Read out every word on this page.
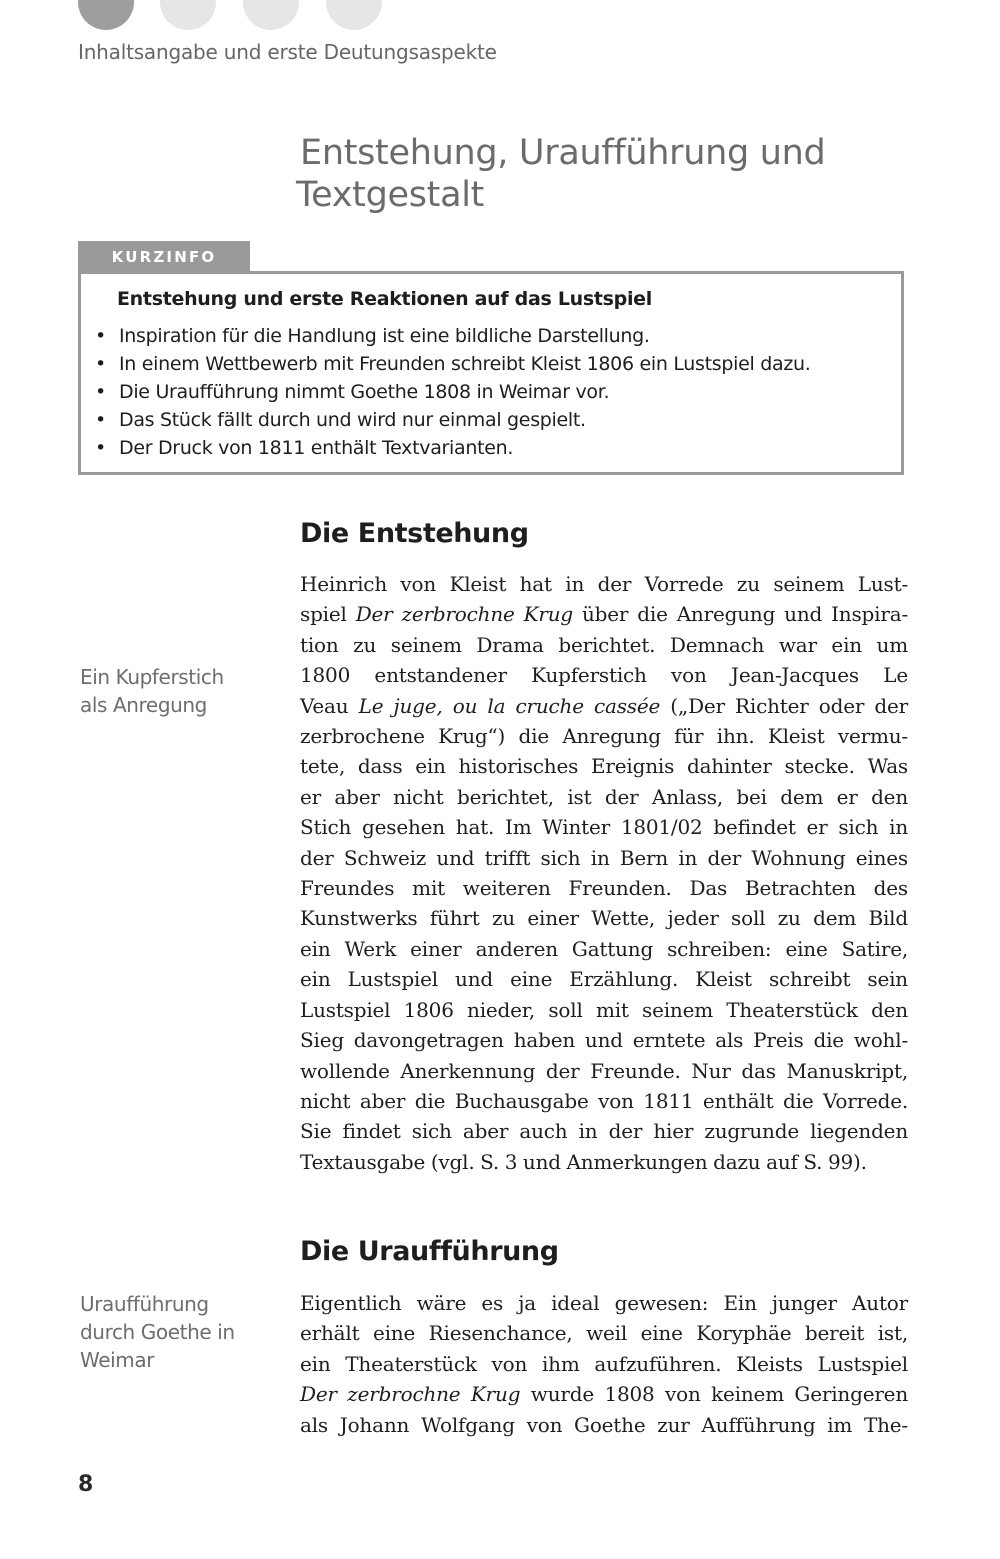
Inhaltsangabe und erste Deutungsaspekte
Entstehung, Uraufführung und
Textgestalt
KURZINFO
Entstehung und erste Reaktionen auf das Lustspiel
• Inspiration für die Handlung ist eine bildliche Darstellung.
• In einem Wettbewerb mit Freunden schreibt Kleist 1806 ein Lustspiel dazu.
• Die Uraufführung nimmt Goethe 1808 in Weimar vor.
• Das Stück fällt durch und wird nur einmal gespielt.
• Der Druck von 1811 enthält Textvarianten.
Die Entstehung
Ein Kupferstich
als Anregung
Heinrich von Kleist hat in der Vorrede zu seinem Lust-
spiel Der zerbrochne Krug über die Anregung und Inspira-
tion zu seinem Drama berichtet. Demnach war ein um
1800 entstandener Kupferstich von Jean-Jacques Le
Veau Le juge, ou la cruche cassée („Der Richter oder der
zerbrochene Krug“) die Anregung für ihn. Kleist vermu-
tete, dass ein historisches Ereignis dahinter stecke. Was
er aber nicht berichtet, ist der Anlass, bei dem er den
Stich gesehen hat. Im Winter 1801/02 befindet er sich in
der Schweiz und trifft sich in Bern in der Wohnung eines
Freundes mit weiteren Freunden. Das Betrachten des
Kunstwerks führt zu einer Wette, jeder soll zu dem Bild
ein Werk einer anderen Gattung schreiben: eine Satire,
ein Lustspiel und eine Erzählung. Kleist schreibt sein
Lustspiel 1806 nieder, soll mit seinem Theaterstück den
Sieg davongetragen haben und erntete als Preis die wohl-
wollende Anerkennung der Freunde. Nur das Manuskript,
nicht aber die Buchausgabe von 1811 enthält die Vorrede.
Sie findet sich aber auch in der hier zugrunde liegenden
Textausgabe (vgl. S. 3 und Anmerkungen dazu auf S. 99).
Die Uraufführung
Uraufführung
durch Goethe in
Weimar
Eigentlich wäre es ja ideal gewesen: Ein junger Autor
erhält eine Riesenchance, weil eine Koryphäe bereit ist,
ein Theaterstück von ihm aufzuführen. Kleists Lustspiel
Der zerbrochne Krug wurde 1808 von keinem Geringeren
als Johann Wolfgang von Goethe zur Aufführung im The-
8
